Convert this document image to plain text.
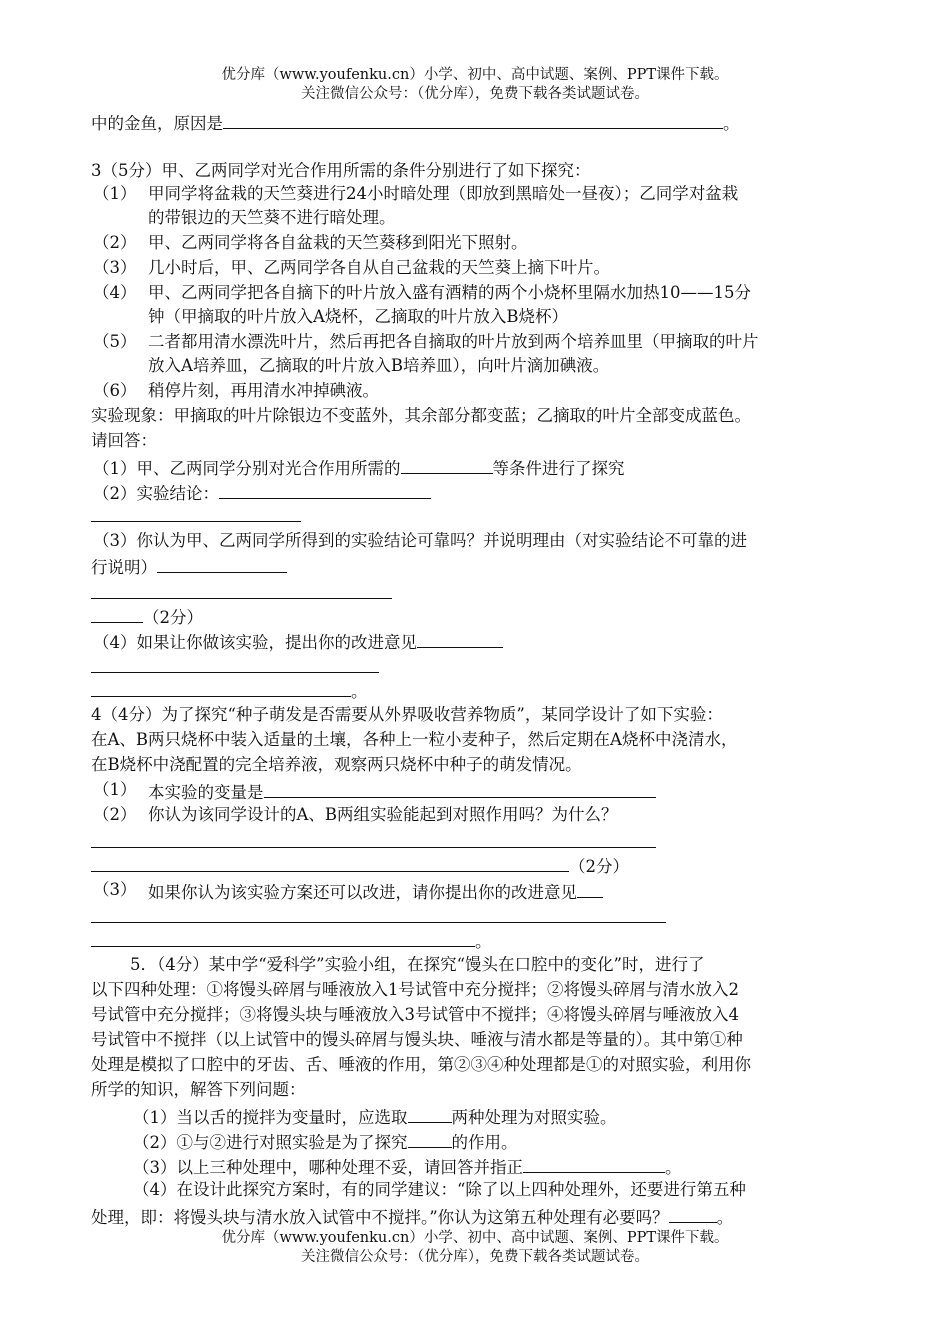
优分库（www.youfenku.cn）小学、初中、高中试题、案例、PPT课件下载。
关注微信公众号：（优分库），免费下载各类试题试卷。
中的金鱼，原因是	。
3（5分）甲、乙两同学对光合作用所需的条件分别进行了如下探究：
（1） 甲同学将盆栽的天竺葵进行24小时暗处理（即放到黑暗处一昼夜）；乙同学对盆栽
的带银边的天竺葵不进行暗处理。
（2） 甲、乙两同学将各自盆栽的天竺葵移到阳光下照射。
（3） 几小时后，甲、乙两同学各自从自己盆栽的天竺葵上摘下叶片。
（4） 甲、乙两同学把各自摘下的叶片放入盛有酒精的两个小烧杯里隔水加热10——15分
钟（甲摘取的叶片放入A烧杯，乙摘取的叶片放入B烧杯）
（5） 二者都用清水漂洗叶片，然后再把各自摘取的叶片放到两个培养皿里（甲摘取的叶片
放入A培养皿，乙摘取的叶片放入B培养皿），向叶片滴加碘液。
（6） 稍停片刻，再用清水冲掉碘液。
实验现象：甲摘取的叶片除银边不变蓝外，其余部分都变蓝；乙摘取的叶片全部变成蓝色。
请回答：
（1）甲、乙两同学分别对光合作用所需的	等条件进行了探究
（2）实验结论：
（3）你认为甲、乙两同学所得到的实验结论可靠吗？并说明理由（对实验结论不可靠的进
行说明）
（2分）
（4）如果让你做该实验，提出你的改进意见
。
4（4分）为了探究“种子萌发是否需要从外界吸收营养物质”，某同学设计了如下实验：
在A、B两只烧杯中装入适量的土壤，各种上一粒小麦种子，然后定期在A烧杯中浇清水，
在B烧杯中浇配置的完全培养液，观察两只烧杯中种子的萌发情况。
（1） 本实验的变量是
（2） 你认为该同学设计的A、B两组实验能起到对照作用吗？为什么？
（2分）
（3） 如果你认为该实验方案还可以改进，请你提出你的改进意见
。
5．（4分）某中学“爱科学”实验小组，在探究“馒头在口腔中的变化”时，进行了
以下四种处理：①将馒头碎屑与唾液放入1号试管中充分搅拌；②将馒头碎屑与清水放入2
号试管中充分搅拌；③将馒头块与唾液放入3号试管中不搅拌；④将馒头碎屑与唾液放入4
号试管中不搅拌（以上试管中的馒头碎屑与馒头块、唾液与清水都是等量的）。其中第①种
处理是模拟了口腔中的牙齿、舌、唾液的作用，第②③④种处理都是①的对照实验，利用你
所学的知识，解答下列问题：
（1）当以舌的搅拌为变量时，应选取	两种处理为对照实验。
（2）①与②进行对照实验是为了探究	的作用。
（3）以上三种处理中，哪种处理不妥，请回答并指正	。
（4）在设计此探究方案时，有的同学建议：“除了以上四种处理外，还要进行第五种
处理，即：将馒头块与清水放入试管中不搅拌。”你认为这第五种处理有必要吗？	。
优分库（www.youfenku.cn）小学、初中、高中试题、案例、PPT课件下载。
关注微信公众号：（优分库），免费下载各类试题试卷。
